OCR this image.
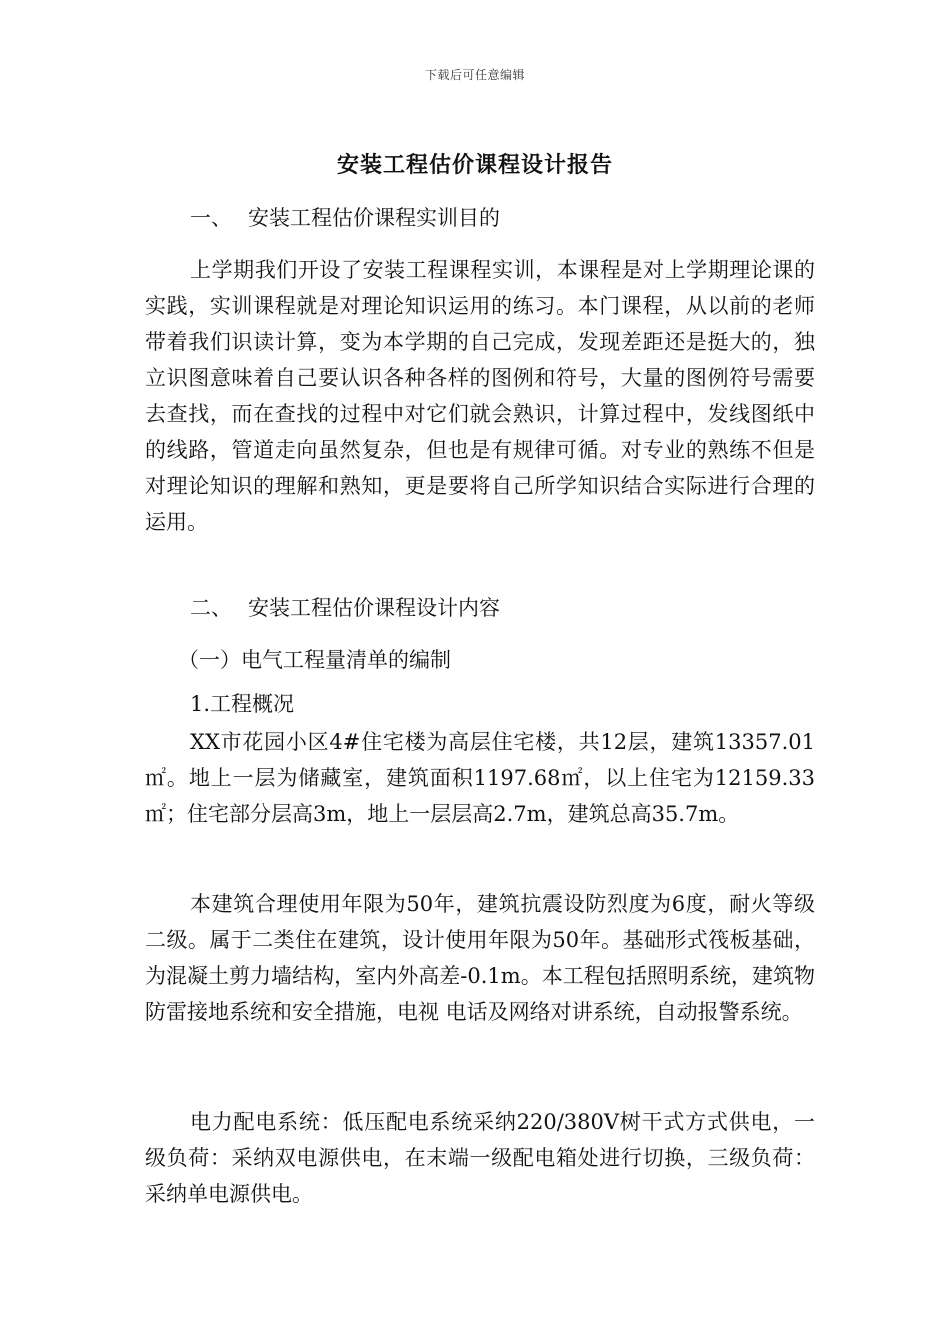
下载后可任意编辑
安装工程估价课程设计报告
一、 安装工程估价课程实训目的

上学期我们开设了安装工程课程实训，本课程是对上学期理论课的实践，实训课程就是对理论知识运用的练习。本门课程，从以前的老师带着我们识读计算，变为本学期的自己完成，发现差距还是挺大的，独立识图意味着自己要认识各种各样的图例和符号，大量的图例符号需要去查找，而在查找的过程中对它们就会熟识，计算过程中，发线图纸中的线路，管道走向虽然复杂，但也是有规律可循。对专业的熟练不但是对理论知识的理解和熟知，更是要将自己所学知识结合实际进行合理的运用。

二、 安装工程估价课程设计内容
（一）电气工程量清单的编制
1.工程概况

XX市花园小区4#住宅楼为高层住宅楼，共12层，建筑13357.01㎡。地上一层为储藏室，建筑面积1197.68㎡，以上住宅为12159.33㎡；住宅部分层高3m，地上一层层高2.7m，建筑总高35.7m。

本建筑合理使用年限为50年，建筑抗震设防烈度为6度，耐火等级二级。属于二类住在建筑，设计使用年限为50年。基础形式筏板基础，为混凝土剪力墙结构，室内外高差-0.1m。本工程包括照明系统，建筑物防雷接地系统和安全措施，电视 电话及网络对讲系统，自动报警系统。

电力配电系统：低压配电系统采纳220/380V树干式方式供电，一级负荷：采纳双电源供电，在末端一级配电箱处进行切换，三级负荷：采纳单电源供电。
